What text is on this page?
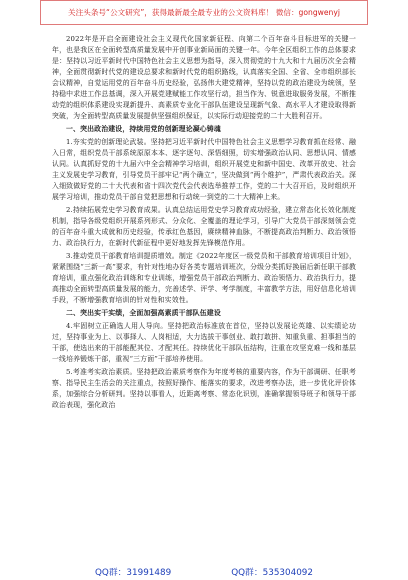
关注头条号“公文研究”，获得最新最全最专业的公文资料库！ 微信：gongwenyj

2022年是开启全面建设社会主义现代化国家新征程、向第二个百年奋斗目标进军的关键一年，也是我区在全面转型高质量发展中开创事业新局面的关键一年。今年全区组织工作的总体要求是：坚持以习近平新时代中国特色社会主义思想为指导，深入贯彻党的十九大和十九届历次全会精神，全面贯彻新时代党的建设总要求和新时代党的组织路线，认真落实全国、全省、全市组织部长会议精神，自觉运用党的百年奋斗历史经验，弘扬伟大建党精神，坚持以党的政治建设为统领，坚持稳中求进工作总基调，深入开展党建赋能工作攻坚行动，担当作为、锐意进取服务发展，不断推动党的组织体系建设实现新提升、高素质专业化干部队伍建设呈现新气象、高水平人才建设取得新突破，为全面转型高质量发展提供坚强组织保证，以实际行动迎接党的二十大胜利召开。

一、突出政治建设，持续用党的创新理论凝心铸魂

1.夯实党的创新理论武装。坚持把习近平新时代中国特色社会主义思想学习教育抓在经常、融入日常，组织党员干部系统原原本本、逐字逐句、深悟细照，切实增强政治认同、思想认同、情感认同。认真抓好党的十九届六中全会精神学习培训，组织开展党史和新中国史、改革开放史、社会主义发展史学习教育，引导党员干部牢记“两个确立”，坚决做到“两个维护”，严肃代表政治关。深入细致做好党的二十大代表和省十四次党代会代表选举推荐工作，党的二十大召开后，及时组织开展学习培训，推动党员干部自觉把思想和行动统一到党的二十大精神上来。

2.持续拓展党史学习教育成果。认真总结运用党史学习教育成功经验，建立常态化长效化制度机制，指导各级党组织开展系列形式、分众化、全覆盖的理论学习，引导广大党员干部深刻领会党的百年奋斗重大成就和历史经验，传承红色基因，赓续精神血脉，不断提高政治判断力、政治领悟力、政治执行力，在新时代新征程中更好地发挥先锋模范作用。

3.推动党员干部教育培训提质增效。制定《2022年度区一级党员和干部教育培训项目计划》，紧紧围绕“三新一高”要求，有针对性地办好各类专题培训班次，分级分类抓好换届后新任职干部教育培训，重点强化政治训练和专业训练，增强党员干部政治判断力、政治领悟力、政治执行力，提高推动全面转型高质量发展的能力，完善述学、评学、考学制度，丰富教学方法，用好信息化培训手段，不断增强教育培训的针对性和实效性。

二、突出实干实绩，全面加强高素质干部队伍建设

4.牢固树立正确选人用人导向。坚持把政治标准放在首位，坚持以发展论英雄、以实绩论功过，坚持事业为上、以事择人、人岗相适，大力选拔干事创业、敢打敢拼、知重负重、担事担当的干部，使选出来的干部能配其位、才配其任。持续优化干部队伍结构，注重在攻坚克难一线和基层一线培养锻炼干部，重视“三方面”干部培养使用。

5.考准考实政治素质。坚持把政治素质考察作为年度考核的重要内容，作为干部调研、任职考察、指导民主生活会的关注重点，按照好操作、能落实的要求，改进考察办法，进一步优化评价体系，加强综合分析研判。坚持以事看人，近距离考察、常态化识别，准确掌握领导班子和领导干部政治表现，强化政治

QQ群：31991489	QQ群：535304092
